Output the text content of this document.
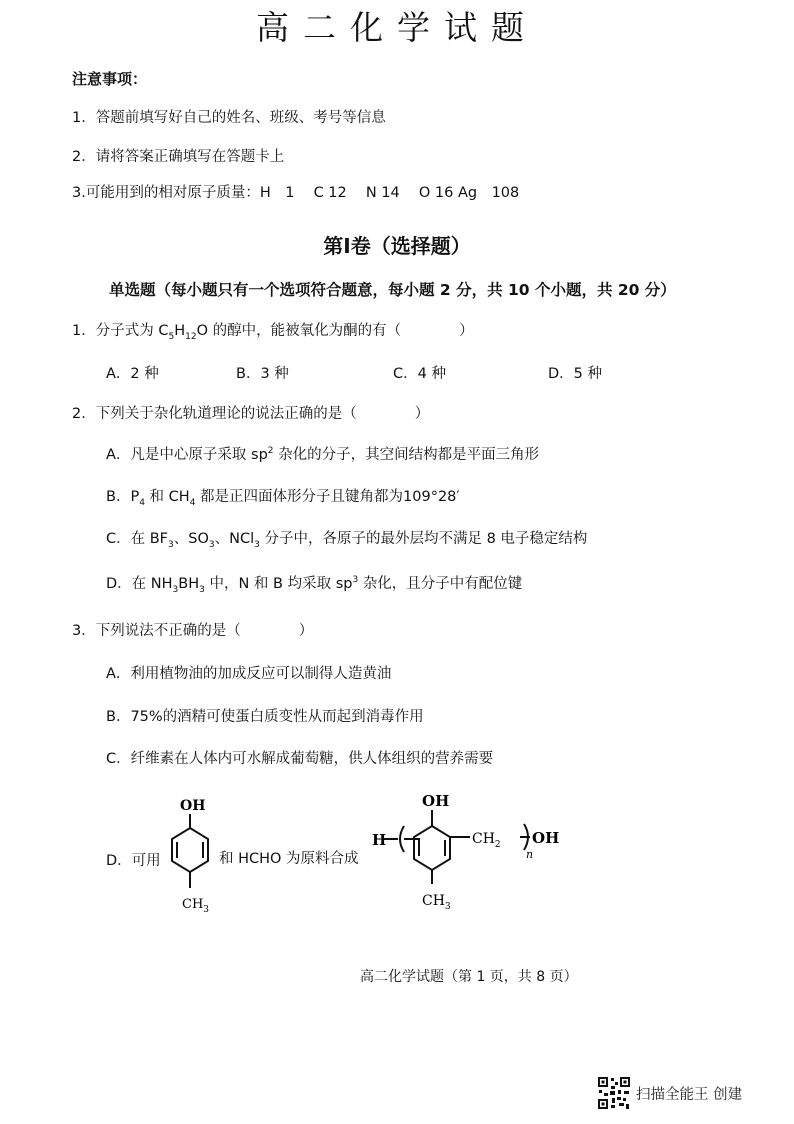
高二化学试题
注意事项：
1．答题前填写好自己的姓名、班级、考号等信息
2．请将答案正确填写在答题卡上
3.可能用到的相对原子质量：H　1　 C 12　 N 14　 O 16 Ag　108
第Ⅰ卷（选择题）
单选题（每小题只有一个选项符合题意，每小题 2 分，共 10 个小题，共 20 分）
1．分子式为 $C_5H_{12}O$ 的醇中，能被氧化为酮的有（　　　　）
A．2 种	B．3 种	C．4 种	D．5 种
2．下列关于杂化轨道理论的说法正确的是（　　　　）
A．凡是中心原子采取 $sp^2$ 杂化的分子，其空间结构都是平面三角形
B．$P_4$ 和 $CH_4$ 都是正四面体形分子且键角都为109°28′
C．在 $BF_3$、$SO_3$、NCl$_3$ 分子中，各原子的最外层均不满足 8 电子稳定结构
D．在 $NH_3BH_3$ 中，N 和 B 均采取 $sp^3$ 杂化，且分子中有配位键
3．下列说法不正确的是（　　　　）
A．利用植物油的加成反应可以制得人造黄油
B．75%的酒精可使蛋白质变性从而起到消毒作用
C．纤维素在人体内可水解成葡萄糖，供人体组织的营养需要
D．可用	和 HCHO 为原料合成
OH
$CH_3$
H
OH
$CH_2$
n
OH
$CH_3$
高二化学试题（第 1 页，共 8 页）
扫描全能王 创建
